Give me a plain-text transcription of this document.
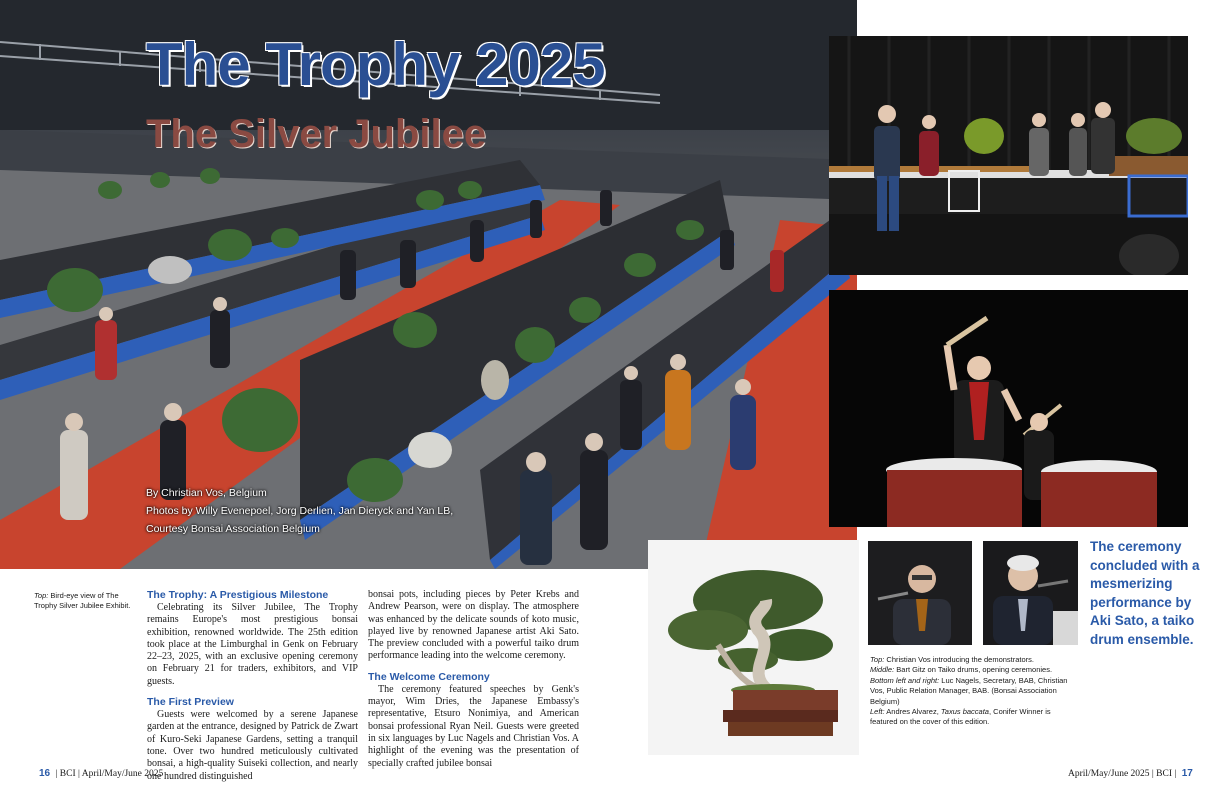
The Trophy 2025
The Silver Jubilee
By Christian Vos, Belgium
Photos by Willy Evenepoel, Jorg Derlien, Jan Dieryck and Yan LB,
Courtesy Bonsai Association Belgium
Top: Bird-eye view of The Trophy Silver Jubilee Exhibit.
The Trophy: A Prestigious Milestone

Celebrating its Silver Jubilee, The Trophy remains Europe's most prestigious bonsai exhibition, renowned worldwide. The 25th edition took place at the Limburghal in Genk on February 22–23, 2025, with an exclusive opening ceremony on February 21 for traders, exhibitors, and VIP guests.

The First Preview

Guests were welcomed by a serene Japanese garden at the entrance, designed by Patrick de Zwart of Kuro-Seki Japanese Gardens, setting a tranquil tone. Over two hundred meticulously cultivated bonsai, a high-quality Suiseki collection, and nearly one hundred distinguished

bonsai pots, including pieces by Peter Krebs and Andrew Pearson, were on display. The atmosphere was enhanced by the delicate sounds of koto music, played live by renowned Japanese artist Aki Sato. The preview concluded with a powerful taiko drum performance leading into the welcome ceremony.

The Welcome Ceremony

The ceremony featured speeches by Genk's mayor, Wim Dries, the Japanese Embassy's representative, Etsuro Nonimiya, and American bonsai professional Ryan Neil. Guests were greeted in six languages by Luc Nagels and Christian Vos. A highlight of the evening was the presentation of specially crafted jubilee bonsai

Top: Christian Vos introducing the demonstrators.
Middle: Bart Gitz on Taiko drums, opening ceremonies.
Bottom left and right: Luc Nagels, Secretary, BAB, Christian Vos, Public Relation Manager, BAB. (Bonsai Association Belgium)
Left: Andres Alvarez, Taxus baccata, Conifer Winner is featured on the cover of this edition.
The ceremony concluded with a mesmerizing performance by Aki Sato, a taiko drum ensemble.
16 | BCI | April/May/June 2025	April/May/June 2025 | BCI | 17
